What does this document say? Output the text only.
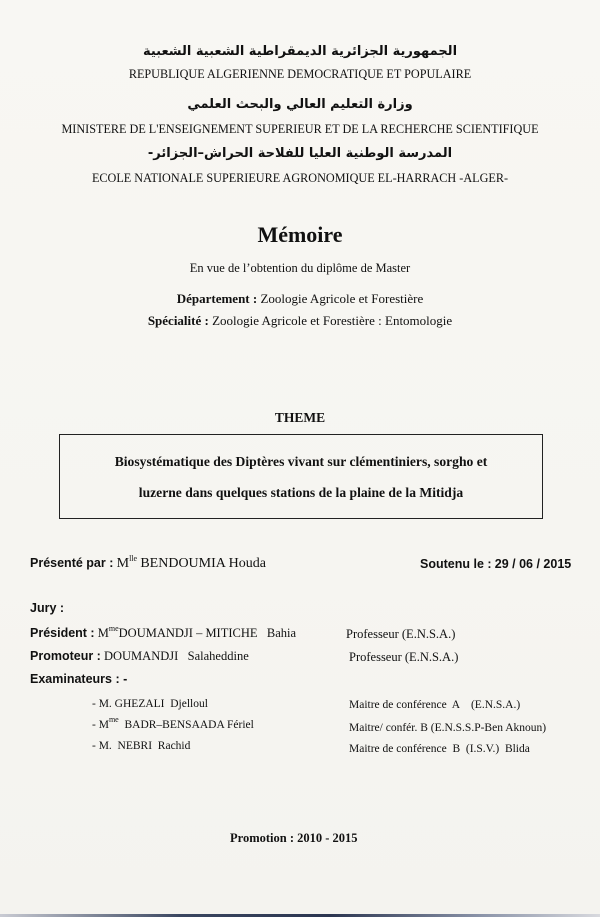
الجمهورية الجزائرية الديمقراطية الشعبية الشعبية
REPUBLIQUE ALGERIENNE DEMOCRATIQUE ET POPULAIRE
وزارة التعليم العالي والبحث العلمي
MINISTERE DE L'ENSEIGNEMENT SUPERIEUR ET DE LA RECHERCHE SCIENTIFIQUE
المدرسة الوطنية العليا للفلاحة الحراش–الجزائر-
ECOLE NATIONALE SUPERIEURE AGRONOMIQUE EL-HARRACH -ALGER-
Mémoire
En vue de l’obtention du diplôme de Master
Département : Zoologie Agricole et Forestière
Spécialité : Zoologie Agricole et Forestière : Entomologie
THEME
Biosystématique des Diptères vivant sur clémentiniers, sorgho et
luzerne dans quelques stations de la plaine de la Mitidja
Présenté par : $M^{lle}$ BENDOUMIA Houda	Soutenu le : 29 / 06 / 2015
Jury :
Président : $M^{me}DOUMANDJI$ – MITICHE   Bahia	Professeur (E.N.S.A.)
Promoteur : DOUMANDJI   Salaheddine	Professeur (E.N.S.A.)
Examinateurs : -
- M. GHEZALI  Djelloul	Maitre de conférence  A    (E.N.S.A.)
- $M^{me}$  BADR–BENSAADA Fériel	Maitre/ confér. B (E.N.S.S.P-Ben Aknoun)
- M.  NEBRI  Rachid	Maitre de conférence  B  (I.S.V.)  Blida
Promotion : 2010 - 2015
